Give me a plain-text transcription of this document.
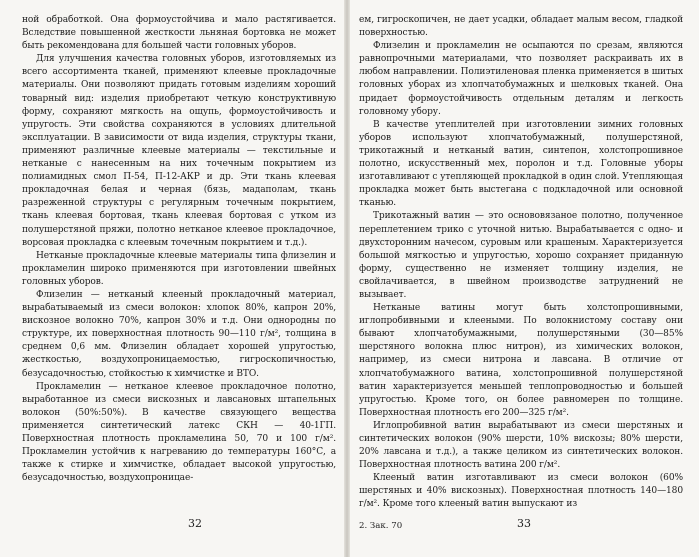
ной обработкой. Она формоустойчива и мало растягивается. Вследствие повышенной жесткости льняная бортовка не может быть рекомендована для большей части головных уборов.

Для улучшения качества головных уборов, изготовляемых из всего ассортимента тканей, применяют клеевые прокладочные материалы. Они позволяют придать готовым изделиям хороший товарный вид: изделия приобретают четкую конструктивную форму, сохраняют мягкость на ощупь, формоустойчивость и упругость. Эти свойства сохраняются в условиях длительной эксплуатации. В зависимости от вида изделия, структуры ткани, применяют различные клеевые материалы — текстильные и нетканые с нанесенным на них точечным покрытием из полиамидных смол П-54, П-12-АКР и др. Эти ткань клеевая прокладочная белая и черная (бязь, мадаполам, ткань разреженной структуры с регулярным точечным покрытием, ткань клеевая бортовая, ткань клеевая бортовая с утком из полушерстяной пряжи, полотно нетканое клеевое прокладочное, ворсовая прокладка с клеевым точечным покрытием и т.д.).

Нетканые прокладочные клеевые материалы типа флизелин и прокламелин широко применяются при изготовлении швейных головных уборов.

Флизелин — нетканый клееный прокладочный материал, вырабатываемый из смеси волокон: хлопок 80%, капрон 20%, вискозное волокно 70%, капрон 30% и т.д. Они однородны по структуре, их поверхностная плотность 90—110 г/м², толщина в среднем 0,6 мм. Флизелин обладает хорошей упругостью, жесткостью, воздухопроницаемостью, гигроскопичностью, безусадочностью, стойкостью к химчистке и ВТО.

Прокламелин — нетканое клеевое прокладочное полотно, выработанное из смеси вискозных и лавсановых штапельных волокон (50%:50%). В качестве связующего вещества применяется синтетический латекс СКН — 40-1ГП. Поверхностная плотность прокламелина 50, 70 и 100 г/м². Прокламелин устойчив к нагреванию до температуры 160°С, а также к стирке и химчистке, обладает высокой упругостью, безусадочностью, воздухопроницае-

32

ем, гигроскопичен, не дает усадки, обладает малым весом, гладкой поверхностью.

Флизелин и прокламелин не осыпаются по срезам, являются равнопрочными материалами, что позволяет раскраивать их в любом направлении. Полиэтиленовая пленка применяется в шитых головных уборах из хлопчатобумажных и шелковых тканей. Она придает формоустойчивость отдельным деталям и легкость головному убору.

В качестве утеплителей при изготовлении зимних головных уборов используют хлопчатобумажный, полушерстяной, трикотажный и нетканый ватин, синтепон, холстопрошивное полотно, искусственный мех, поролон и т.д. Головные уборы изготавливают с утепляющей прокладкой в один слой. Утепляющая прокладка может быть выстегана с подкладочной или основной тканью.

Трикотажный ватин — это основовязаное полотно, полученное переплетением трико с уточной нитью. Вырабатывается с одно- и двухсторонним начесом, суровым или крашеным. Характеризуется большой мягкостью и упругостью, хорошо сохраняет приданную форму, существенно не изменяет толщину изделия, не свойлачивается, в швейном производстве затруднений не вызывает.

Нетканые ватины могут быть холстопрошивными, иглопробивными и клееными. По волокнистому составу они бывают хлопчатобумажными, полушерстяными (30—85% шерстяного волокна плюс нитрон), из химических волокон, например, из смеси нитрона и лавсана. В отличие от хлопчатобумажного ватина, холстопрошивной полушерстяной ватин характеризуется меньшей теплопроводностью и большей упругостью. Кроме того, он более равномерен по толщине. Поверхностная плотность его 200—325 г/м².

Иглопробивной ватин вырабатывают из смеси шерстяных и синтетических волокон (90% шерсти, 10% вискозы; 80% шерсти, 20% лавсана и т.д.), а также целиком из синтетических волокон. Поверхностная плотность ватина 200 г/м².

Клееный ватин изготавливают из смеси волокон (60% шерстяных и 40% вискозных). Поверхностная плотность 140—180 г/м². Кроме того клееный ватин выпускают из

2. Зак. 70	33
